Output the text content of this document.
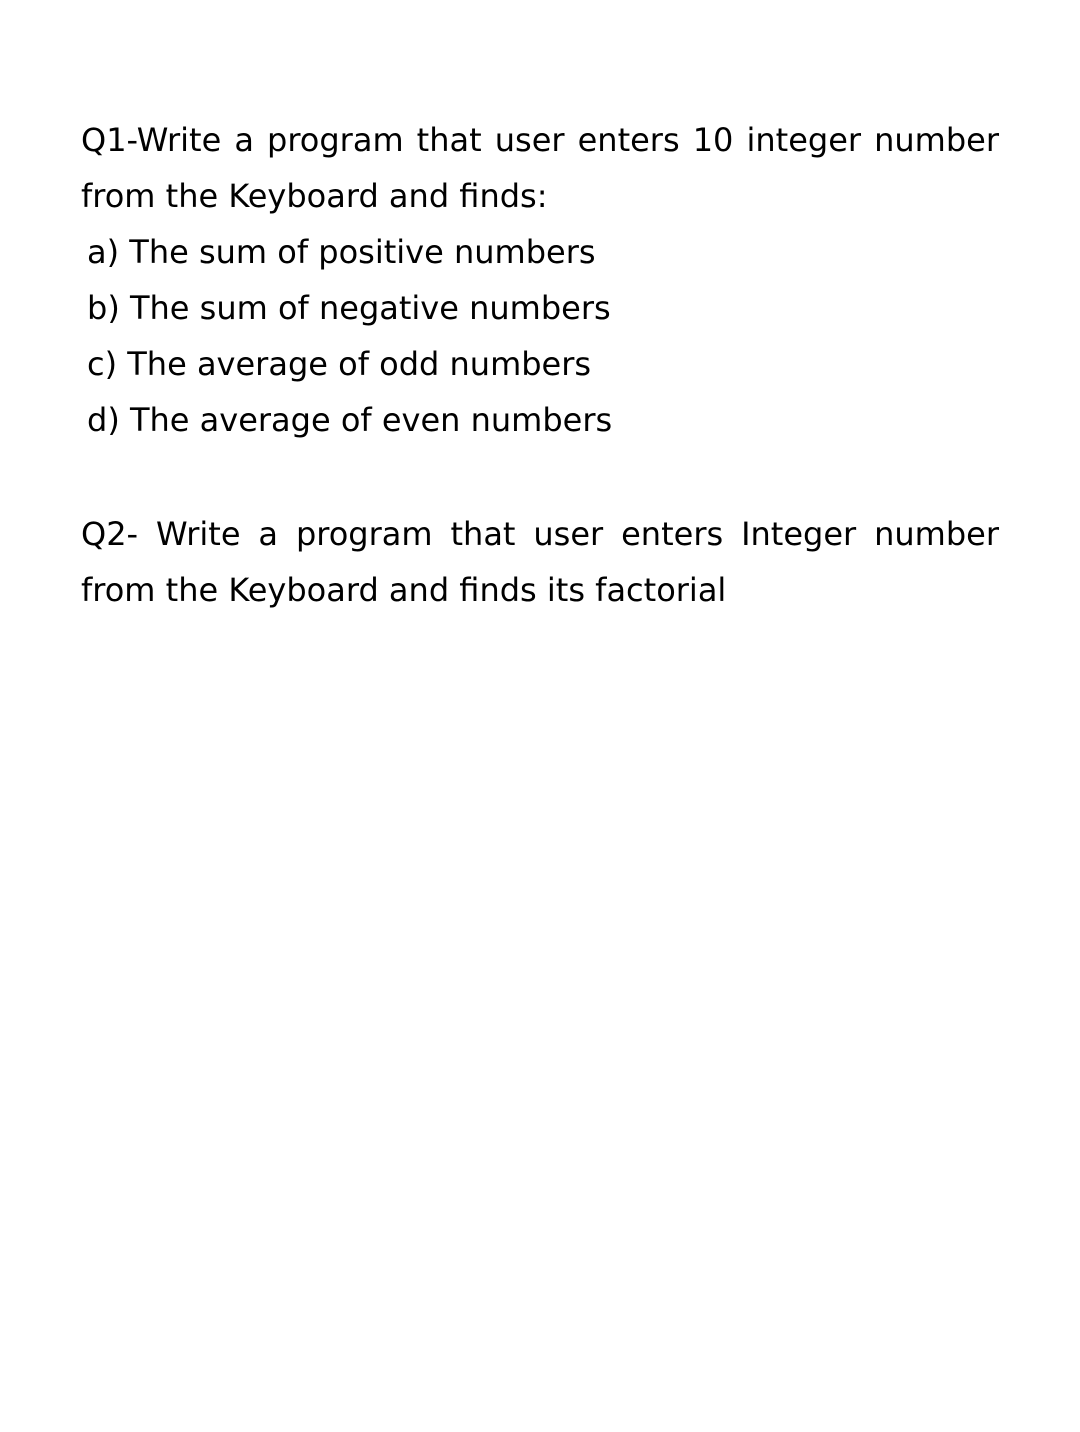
Q1-Write a program that user enters 10 integer number from the Keyboard and finds:

a) The sum of positive numbers
b) The sum of negative numbers
c) The average of odd numbers
d) The average of even numbers

Q2- Write a program that user enters Integer number from the Keyboard and finds its factorial
